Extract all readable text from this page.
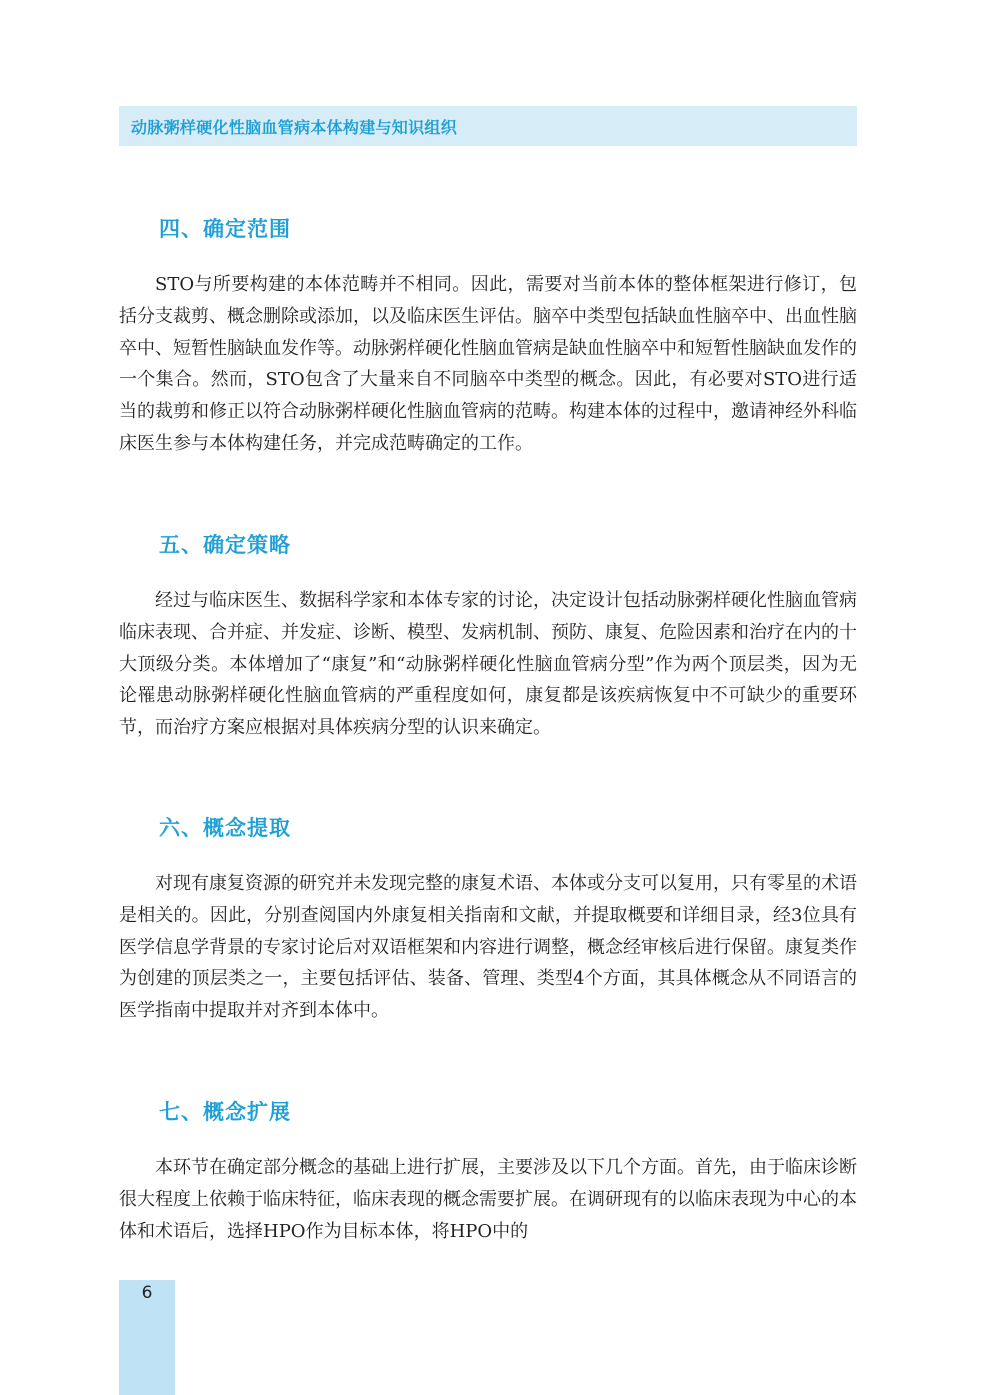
动脉粥样硬化性脑血管病本体构建与知识组织
四、确定范围

STO与所要构建的本体范畴并不相同。因此，需要对当前本体的整体框架进行修订，包括分支裁剪、概念删除或添加，以及临床医生评估。脑卒中类型包括缺血性脑卒中、出血性脑卒中、短暂性脑缺血发作等。动脉粥样硬化性脑血管病是缺血性脑卒中和短暂性脑缺血发作的一个集合。然而，STO包含了大量来自不同脑卒中类型的概念。因此，有必要对STO进行适当的裁剪和修正以符合动脉粥样硬化性脑血管病的范畴。构建本体的过程中，邀请神经外科临床医生参与本体构建任务，并完成范畴确定的工作。

五、确定策略

经过与临床医生、数据科学家和本体专家的讨论，决定设计包括动脉粥样硬化性脑血管病临床表现、合并症、并发症、诊断、模型、发病机制、预防、康复、危险因素和治疗在内的十大顶级分类。本体增加了“康复”和“动脉粥样硬化性脑血管病分型”作为两个顶层类，因为无论罹患动脉粥样硬化性脑血管病的严重程度如何，康复都是该疾病恢复中不可缺少的重要环节，而治疗方案应根据对具体疾病分型的认识来确定。

六、概念提取

对现有康复资源的研究并未发现完整的康复术语、本体或分支可以复用，只有零星的术语是相关的。因此，分别查阅国内外康复相关指南和文献，并提取概要和详细目录，经3位具有医学信息学背景的专家讨论后对双语框架和内容进行调整，概念经审核后进行保留。康复类作为创建的顶层类之一，主要包括评估、装备、管理、类型4个方面，其具体概念从不同语言的医学指南中提取并对齐到本体中。

七、概念扩展

本环节在确定部分概念的基础上进行扩展，主要涉及以下几个方面。首先，由于临床诊断很大程度上依赖于临床特征，临床表现的概念需要扩展。在调研现有的以临床表现为中心的本体和术语后，选择HPO作为目标本体，将HPO中的

6
